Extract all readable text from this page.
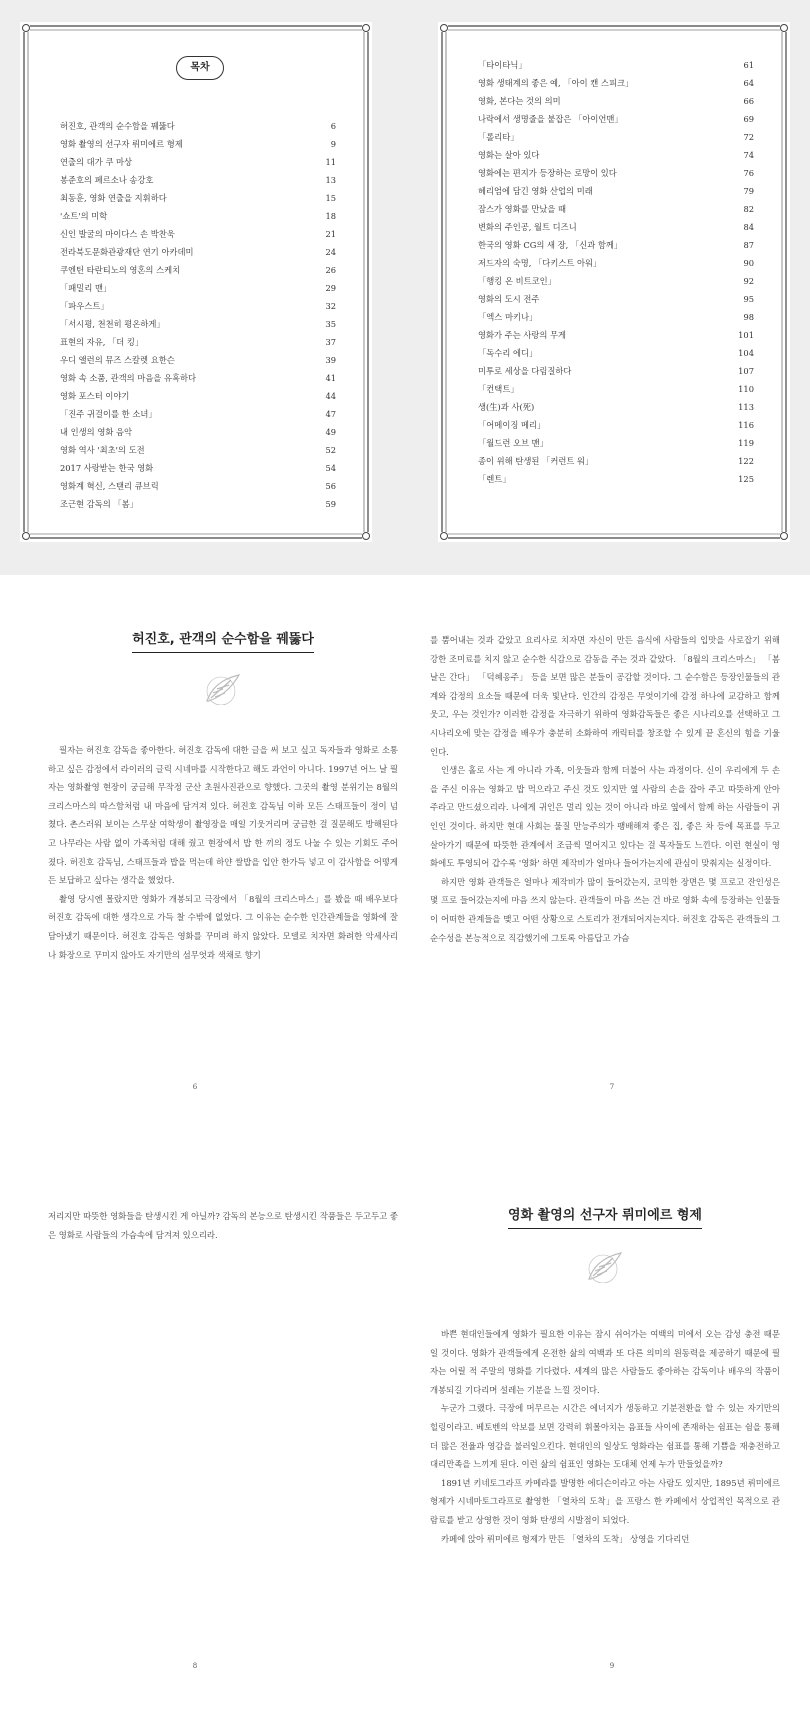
목차
허진호, 관객의 순수함을 꿰뚫다	6
영화 촬영의 선구자 뤼미에르 형제	9
연출의 대가 쿠 마상	11
봉준호의 페르소나 송강호	13
최동훈, 영화 연출을 지휘하다	15
'쇼트'의 미학	18
신인 발굴의 마이다스 손 박찬욱	21
전라북도문화관광재단 연기 아카데미	24
쿠엔틴 타란티노의 영혼의 스케치	26
「패밀리 맨」	29
「파우스트」	32
「서시평, 천천히 평온하게」	35
표현의 자유, 「더 킹」	37
우디 앨런의 뮤즈 스칼렛 요한슨	39
영화 속 소품, 관객의 마음을 유혹하다	41
영화 포스터 이야기	44
「진주 귀걸이를 한 소녀」	47
내 인생의 영화 음악	49
영화 역사 '최초'의 도전	52
2017 사랑받는 한국 영화	54
영화계 혁신, 스탠리 큐브릭	56
조근현 감독의 「봄」	59
「타이타닉」	61
영화 생태계의 좋은 예, 「아이 캔 스피크」	64
영화, 본다는 것의 의미	66
나락에서 생명줄을 붙잡은 「아이언맨」	69
「롤리타」	72
영화는 살아 있다	74
영화에는 편지가 등장하는 로망이 있다	76
헤리엄에 담긴 영화 산업의 미래	79
잠스가 영화를 만났을 때	82
변화의 주인공, 월트 디즈니	84
한국의 영화 CG의 새 장, 「신과 함께」	87
저드자의 숙명, 「다키스트 아워」	90
「행킹 온 비트코인」	92
영화의 도시 전주	95
「엑스 마키나」	98
영화가 주는 사랑의 무게	101
「독수리 에디」	104
미투로 세상을 다림질하다	107
「컨택트」	110
생(生)과 사(死)	113
「어메이징 메리」	116
「월드런 오브 맨」	119
종이 위해 탄생된 「커런트 워」	122
「렌트」	125
허진호, 관객의 순수함을 꿰뚫다

필자는 허진호 감독을 좋아한다. 허진호 감독에 대한 글을 써 보고 싶고 독자들과 영화로 소통하고 싶은 감정에서 라이러의 글릭 시네마를 시작한다고 해도 과언이 아니다. 1997년 어느 날 필자는 영화촬영 현장이 궁금해 무작정 군산 초원사진관으로 향했다. 그곳의 촬영 분위기는 8월의 크리스마스의 따스함처럼 내 마음에 담겨져 있다. 허진호 감독님 이하 모든 스태프들이 정이 넘쳤다. 촌스러워 보이는 스무살 여학생이 촬영장을 매일 기웃거리며 궁금한 걸 질문해도 방해된다고 나무라는 사람 없이 가족처럼 대해 줬고 현장에서 밥 한 끼의 정도 나눌 수 있는 기회도 주어졌다. 허진호 감독님, 스태프들과 밥을 먹는데 하얀 쌀밥을 입안 한가득 넣고 이 감사함을 어떻게든 보답하고 싶다는 생각을 했었다.

촬영 당시엔 몰랐지만 영화가 개봉되고 극장에서 「8월의 크리스마스」를 봤을 때 배우보다 허진호 감독에 대한 생각으로 가득 찰 수밖에 없었다. 그 이유는 순수한 인간관계들을 영화에 잘 담아냈기 때문이다. 허진호 감독은 영화를 꾸미려 하지 않았다. 모델로 치자면 화려한 악세사리나 화장으로 꾸미지 않아도 자기만의 섬무엇과 색채로 향기

6

를 뿜어내는 것과 같았고 요리사로 치자면 자신이 만든 음식에 사람들의 입맛을 사로잡기 위해 강한 조미료를 치지 않고 순수한 식감으로 감동을 주는 것과 같았다. 「8월의 크리스마스」 「봄날은 간다」 「덕혜옹주」 등을 보면 많은 분들이 공감할 것이다. 그 순수함은 등장인물들의 관계와 감정의 요소들 때문에 더욱 빛난다. 인간의 감정은 무엇이기에 감정 하나에 교감하고 함께 웃고, 우는 것인가? 이러한 감정을 자극하기 위하여 영화감독들은 좋은 시나리오를 선택하고 그 시나리오에 맞는 감정을 배우가 충분히 소화하여 캐릭터를 창조할 수 있게 끝 혼신의 힘을 기울인다.

인생은 홀로 사는 게 아니라 가족, 이웃들과 함께 더불어 사는 과정이다. 신이 우리에게 두 손을 주신 이유는 영화고 밥 먹으라고 주신 것도 있지만 옆 사람의 손을 잡아 주고 따뜻하게 안아 주라고 만드셨으리라. 나에게 귀인은 멀리 있는 것이 아니라 바로 옆에서 함께 하는 사람들이 귀인인 것이다. 하지만 현대 사회는 물질 만능주의가 팽배해져 좋은 집, 좋은 차 등에 목표를 두고 살아가기 때문에 따뜻한 관계에서 조금씩 멀어지고 있다는 걸 목자들도 느낀다. 이런 현실이 영화에도 투영되어 갑수록 '영화' 하면 제작비가 얼마나 들어가는지에 관심이 맞춰지는 실정이다.

하지만 영화 관객들은 얼마나 제작비가 많이 들어갔는지, 코믹한 장면은 몇 프로고 잔인성은 몇 프로 들어갔는지에 마음 쓰지 않는다. 관객들이 마음 쓰는 건 바로 영화 속에 등장하는 인물들이 어떠한 관계들을 맺고 어떤 상황으로 스토리가 전개되어지는지다. 허진호 감독은 관객들의 그 순수성을 본능적으로 직감했기에 그토록 아름답고 가슴

7

저리지만 따뜻한 영화들을 탄생시킨 게 아닐까? 감독의 본능으로 탄생시킨 작품들은 두고두고 좋은 영화로 사람들의 가슴속에 담겨져 있으리라.

8
영화 촬영의 선구자 뤼미에르 형제

바쁜 현대인들에게 영화가 필요한 이유는 잠시 쉬어가는 여백의 미에서 오는 감성 충전 때문일 것이다. 영화가 관객들에게 온전한 삶의 여백과 또 다른 의미의 원동력을 제공하기 때문에 필자는 어릴 적 주말의 명화를 기다렸다. 세계의 많은 사람들도 좋아하는 감독이나 배우의 작품이 개봉되길 기다리며 설레는 기분을 느낄 것이다.

누군가 그랬다. 극장에 머무르는 시간은 에너지가 생동하고 기분전환을 할 수 있는 자기만의 힐링이라고. 베토벤의 악보를 보면 강력히 휘몰아치는 음표들 사이에 존재하는 쉼표는 쉼을 통해 더 많은 전율과 영감을 불러일으킨다. 현대인의 일상도 영화라는 쉼표를 통해 기쁨을 재충전하고 대리만족을 느끼게 된다. 이런 삶의 쉼표인 영화는 도대체 언제 누가 만들었을까?

1891년 키네토그라프 카메라를 발명한 에디슨이라고 아는 사람도 있지만, 1895년 뤼미에르 형제가 시네마토그라프로 촬영한 「열차의 도착」을 프랑스 한 카페에서 상업적인 목적으로 관람료를 받고 상영한 것이 영화 탄생의 시발점이 되었다.

카페에 앉아 뤼미에르 형제가 만든 「열차의 도착」 상영을 기다리던

9
